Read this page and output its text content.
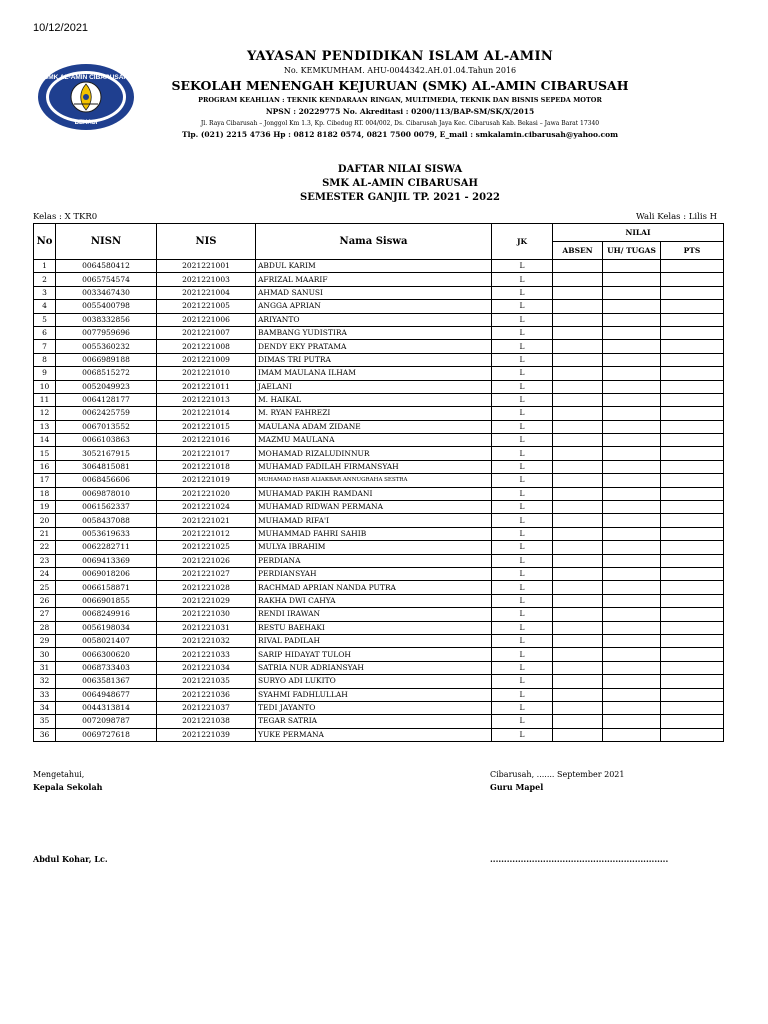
10/12/2021
SMK AL-AMIN CIBARUSAH
BEKASI
YAYASAN PENDIDIKAN ISLAM AL-AMIN
No. KEMKUMHAM. AHU-0044342.AH.01.04.Tahun 2016
SEKOLAH MENENGAH KEJURUAN (SMK) AL-AMIN CIBARUSAH
PROGRAM KEAHLIAN : TEKNIK KENDARAAN RINGAN, MULTIMEDIA, TEKNIK DAN BISNIS SEPEDA MOTOR
NPSN : 20229775 No. Akreditasi : 0200/113/BAP-SM/SK/X/2015
Jl. Raya Cibarusah – Jonggol Km 1.3, Kp. Cibedug RT. 004/002, Ds. Cibarusah Jaya Kec. Cibarusah Kab. Bekasi – Jawa Barat 17340
Tlp. (021) 2215 4736 Hp : 0812 8182 0574, 0821 7500 0079, E_mail : smkalamin.cibarusah@yahoo.com
DAFTAR NILAI SISWA
SMK AL-AMIN CIBARUSAH
SEMESTER GANJIL TP. 2021 - 2022
Kelas : X TKR0	Wali Kelas : Lilis H
No	NISN	NIS	Nama Siswa	JK	NILAI		
					ABSEN	UH/ TUGAS	PTS
1	0064580412	2021221001	ABDUL KARIM	L			
2	0065754574	2021221003	AFRIZAL MAARIF	L			
3	0033467430	2021221004	AHMAD SANUSI	L			
4	0055400798	2021221005	ANGGA APRIAN	L			
5	0038332856	2021221006	ARIYANTO	L			
6	0077959696	2021221007	BAMBANG YUDISTIRA	L			
7	0055360232	2021221008	DENDY EKY PRATAMA	L			
8	0066989188	2021221009	DIMAS TRI PUTRA	L			
9	0068515272	2021221010	IMAM MAULANA ILHAM	L			
10	0052049923	2021221011	JAELANI	L			
11	0064128177	2021221013	M. HAIKAL	L			
12	0062425759	2021221014	M. RYAN FAHREZI	L			
13	0067013552	2021221015	MAULANA ADAM ZIDANE	L			
14	0066103863	2021221016	MAZMU MAULANA	L			
15	3052167915	2021221017	MOHAMAD RIZALUDINNUR	L			
16	3064815081	2021221018	MUHAMAD FADILAH FIRMANSYAH	L			
17	0068456606	2021221019	MUHAMAD HASB ALIAKBAR ANNUGRAHA SESTRA	L			
18	0069878010	2021221020	MUHAMAD PAKIH RAMDANI	L			
19	0061562337	2021221024	MUHAMAD RIDWAN PERMANA	L			
20	0058437088	2021221021	MUHAMAD RIFA'I	L			
21	0053619633	2021221012	MUHAMMAD FAHRI SAHIB	L			
22	0062282711	2021221025	MULYA IBRAHIM	L			
23	0069413369	2021221026	PERDIANA	L			
24	0069018206	2021221027	PERDIANSYAH	L			
25	0066158871	2021221028	RACHMAD APRIAN NANDA PUTRA	L			
26	0066901855	2021221029	RAKHA DWI CAHYA	L			
27	0068249916	2021221030	RENDI IRAWAN	L			
28	0056198034	2021221031	RESTU BAEHAKI	L			
29	0058021407	2021221032	RIVAL PADILAH	L			
30	0066300620	2021221033	SARIP HIDAYAT TULOH	L			
31	0068733403	2021221034	SATRIA NUR ADRIANSYAH	L			
32	0063581367	2021221035	SURYO ADI LUKITO	L			
33	0064948677	2021221036	SYAHMI FADHLULLAH	L			
34	0044313814	2021221037	TEDI JAYANTO	L			
35	0072098787	2021221038	TEGAR SATRIA	L			
36	0069727618	2021221039	YUKE PERMANA	L			
Mengetahui,
Kepala Sekolah
Cibarusah, ....... September 2021
Guru Mapel
Abdul Kohar, Lc.	................................................................
